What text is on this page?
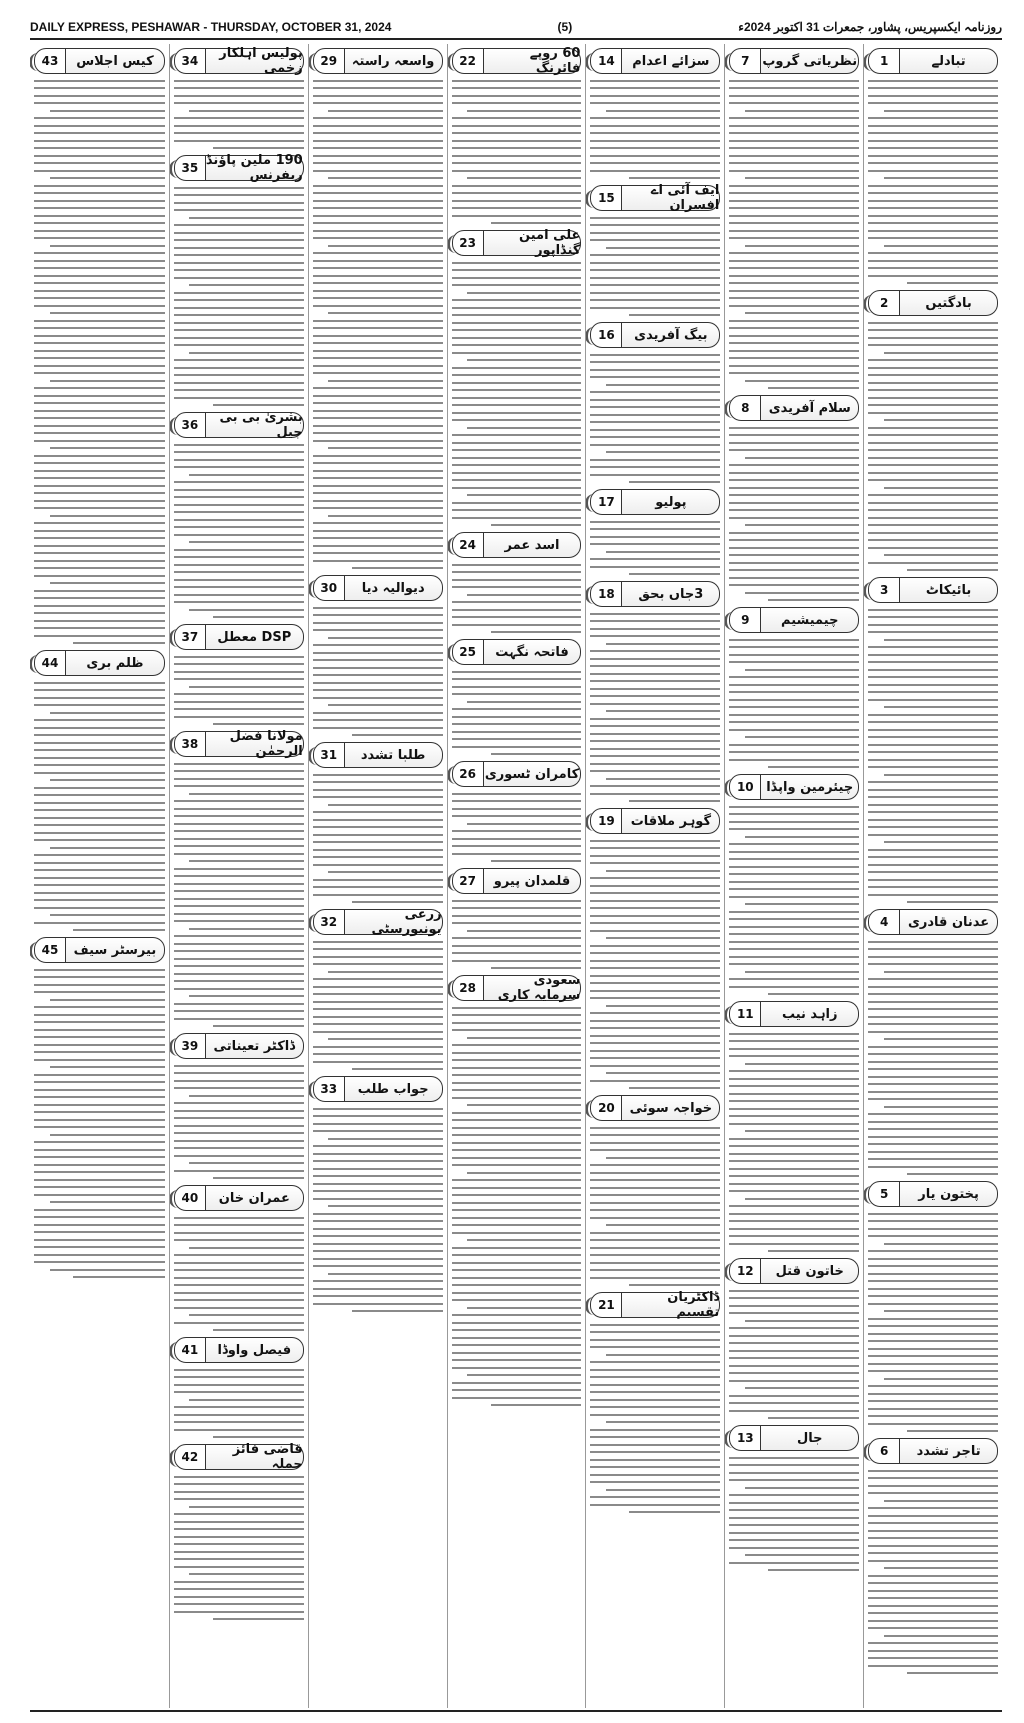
DAILY EXPRESS, PESHAWAR - THURSDAY, OCTOBER 31, 2024	(5)	روزنامہ ایکسپریس، پشاور، جمعرات 31 اکتوبر 2024ء
1	تبادلے
2	بادگتیں
3	بائیکاٹ
4	عدنان قادری
5	پختون یار
6	تاجر تشدد
7 نظریاتی گروپ
8	سلام آفریدی
9	چیمیشیم
10 چیئرمین واپڈا
11	زاہد نیب
12	خاتون قتل
13	جال
14	سزائے اعدام
15	ایف آئی اے افسران
16	بیگ آفریدی
17	پولیو
18	3جاں بحق
19	گوہر ملاقات
20	خواجہ سوئی
21	ڈاکٹریان تقسیم
22	60 روپے فائرنگ
23	علی امین گنڈاپور
24	اسد عمر
25	فاتحہ نگہت
26 کامران ٹسوری
27	قلمدان پیرو
28	سعودی سرمایہ کاری
29	واسعہ راستہ
30	دیوالیہ دیا
31	طلبا تشدد
32	زرعی یونیورسٹی
33	جواب طلب
34	پولیس اہلکار زخمی
35 190 ملین پاؤنڈ ریفرنس
36	بشریٰ بی بی جیل
37	DSP معطل
38	مولانا فضل الرحمٰن
39	ڈاکٹر تعیناتی
40	عمران خان
41	فیصل واوڈا
42	قاضی فائز حملہ
43	کیس اجلاس
44	ظلم بری
45	بیرسٹر سیف
